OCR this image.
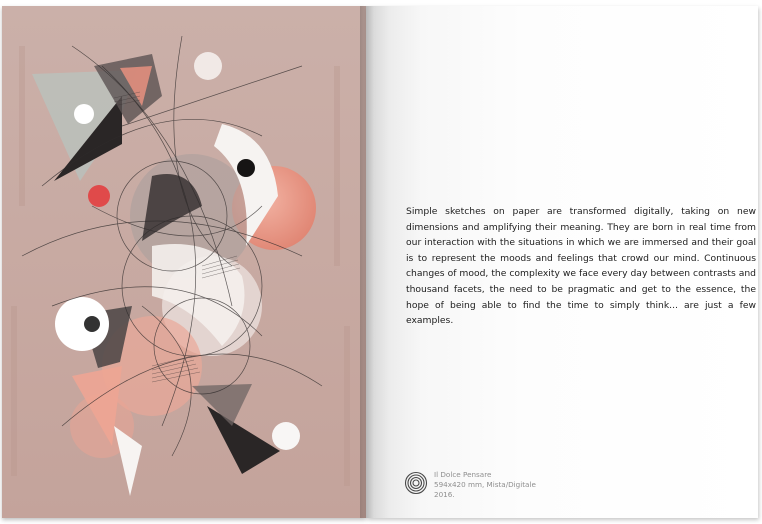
Simple sketches on paper are transformed digitally, taking on new dimensions and amplifying their meaning. They are born in real time from our interaction with the situations in which we are immersed and their goal is to represent the moods and feelings that crowd our mind. Continuous changes of mood, the complexity we face every day between contrasts and thousand facets, the need to be pragmatic and get to the essence, the hope of being able to find the time to simply think... are just a few examples.

Il Dolce Pensare
594x420 mm, Mista/Digitale
2016.
